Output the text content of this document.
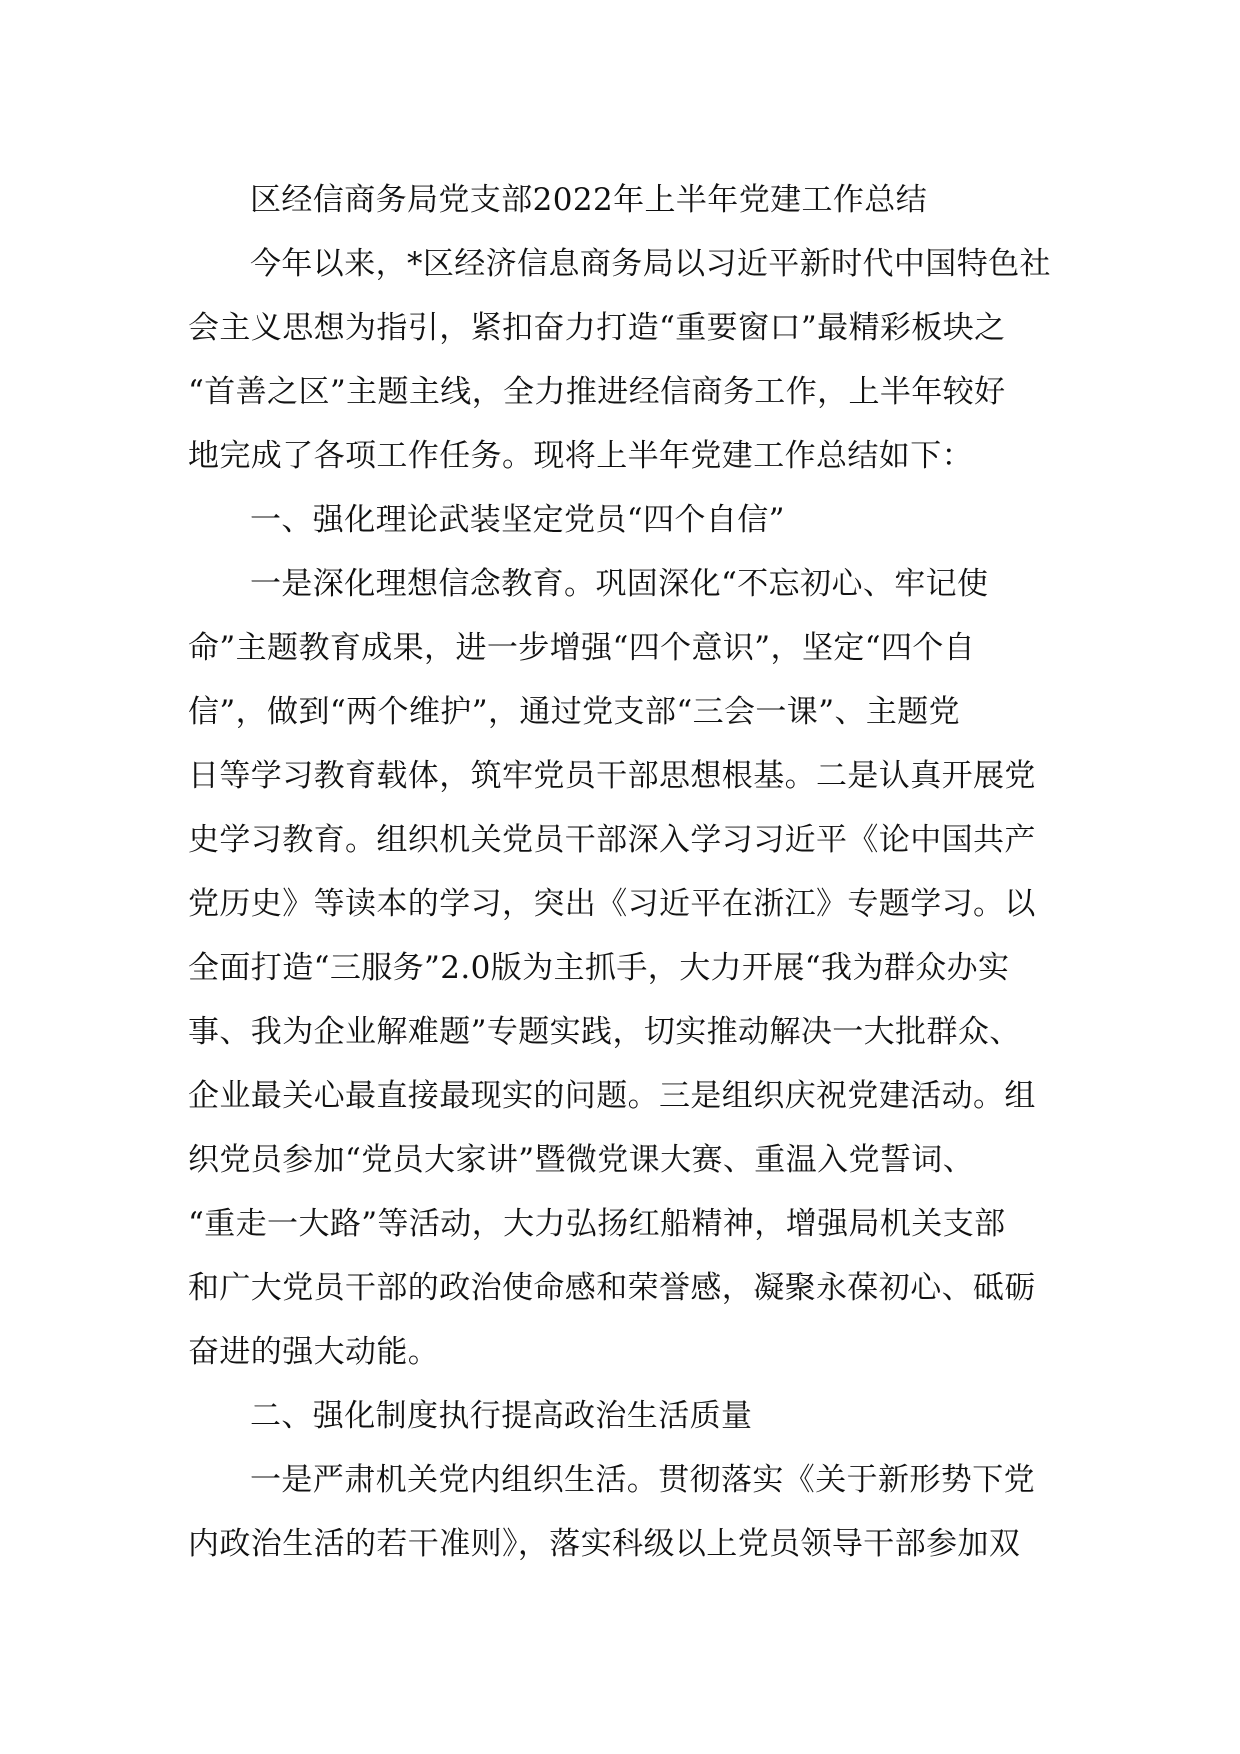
区经信商务局党支部2022年上半年党建工作总结
今年以来，*区经济信息商务局以习近平新时代中国特色社
会主义思想为指引，紧扣奋力打造“重要窗口”最精彩板块之
“首善之区”主题主线，全力推进经信商务工作，上半年较好
地完成了各项工作任务。现将上半年党建工作总结如下：
一、强化理论武装坚定党员“四个自信”
一是深化理想信念教育。巩固深化“不忘初心、牢记使
命”主题教育成果，进一步增强“四个意识”，坚定“四个自
信”，做到“两个维护”，通过党支部“三会一课”、主题党
日等学习教育载体，筑牢党员干部思想根基。二是认真开展党
史学习教育。组织机关党员干部深入学习习近平《论中国共产
党历史》等读本的学习，突出《习近平在浙江》专题学习。以
全面打造“三服务”2.0版为主抓手，大力开展“我为群众办实
事、我为企业解难题”专题实践，切实推动解决一大批群众、
企业最关心最直接最现实的问题。三是组织庆祝党建活动。组
织党员参加“党员大家讲”暨微党课大赛、重温入党誓词、
“重走一大路”等活动，大力弘扬红船精神，增强局机关支部
和广大党员干部的政治使命感和荣誉感，凝聚永葆初心、砥砺
奋进的强大动能。
二、强化制度执行提高政治生活质量
一是严肃机关党内组织生活。贯彻落实《关于新形势下党
内政治生活的若干准则》，落实科级以上党员领导干部参加双
